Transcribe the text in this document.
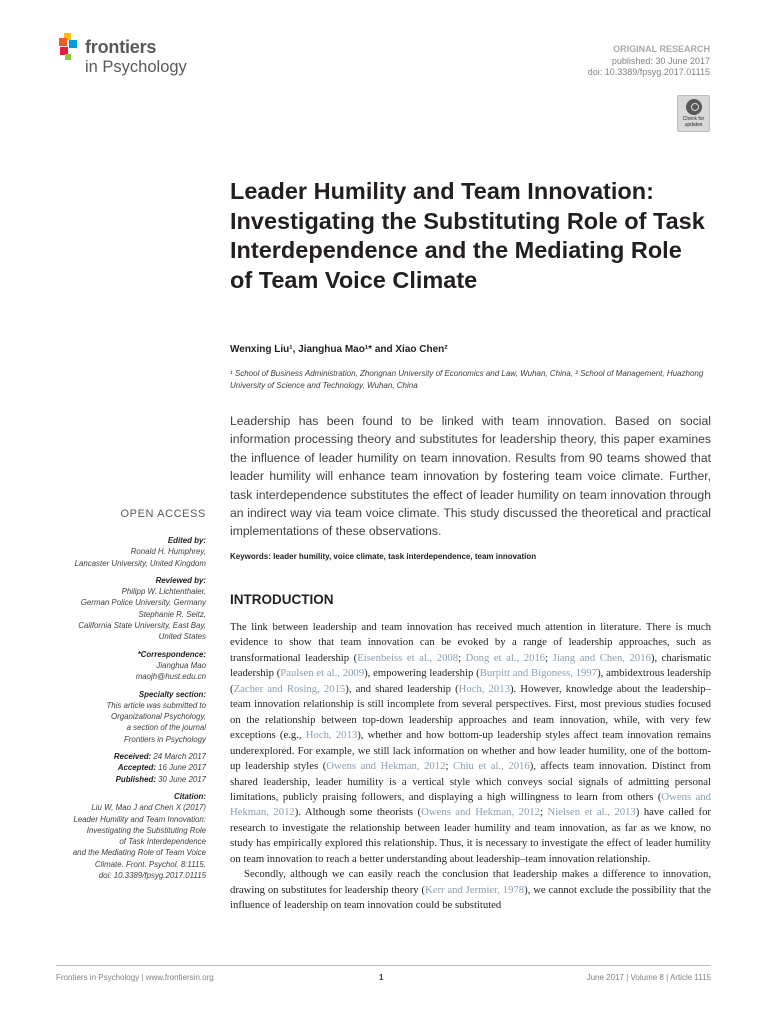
frontiers
in Psychology
ORIGINAL RESEARCH
published: 30 June 2017
doi: 10.3389/fpsyg.2017.01115
Check for
updates
Leader Humility and Team Innovation: Investigating the Substituting Role of Task Interdependence and the Mediating Role of Team Voice Climate
Wenxing Liu¹, Jianghua Mao¹* and Xiao Chen²
¹ School of Business Administration, Zhongnan University of Economics and Law, Wuhan, China, ² School of Management, Huazhong University of Science and Technology, Wuhan, China
Leadership has been found to be linked with team innovation. Based on social information processing theory and substitutes for leadership theory, this paper examines the influence of leader humility on team innovation. Results from 90 teams showed that leader humility will enhance team innovation by fostering team voice climate. Further, task interdependence substitutes the effect of leader humility on team innovation through an indirect way via team voice climate. This study discussed the theoretical and practical implementations of these observations.
Keywords: leader humility, voice climate, task interdependence, team innovation
OPEN ACCESS
Edited by:
Ronald H. Humphrey,
Lancaster University, United Kingdom
Reviewed by:
Philipp W. Lichtenthaler,
German Police University, Germany
Stephanie R. Seitz,
California State University, East Bay,
United States
*Correspondence:
Jianghua Mao
maojh@hust.edu.cn
Specialty section:
This article was submitted to
Organizational Psychology,
a section of the journal
Frontiers in Psychology
Received: 24 March 2017
Accepted: 16 June 2017
Published: 30 June 2017
Citation:
Liu W, Mao J and Chen X (2017)
Leader Humility and Team Innovation:
Investigating the Substituting Role
of Task Interdependence
and the Mediating Role of Team Voice
Climate. Front. Psychol. 8:1115.
doi: 10.3389/fpsyg.2017.01115
INTRODUCTION

The link between leadership and team innovation has received much attention in literature. There is much evidence to show that team innovation can be evoked by a range of leadership approaches, such as transformational leadership (Eisenbeiss et al., 2008; Dong et al., 2016; Jiang and Chen, 2016), charismatic leadership (Paulsen et al., 2009), empowering leadership (Burpitt and Bigoness, 1997), ambidextrous leadership (Zacher and Rosing, 2015), and shared leadership (Hoch, 2013). However, knowledge about the leadership–team innovation relationship is still incomplete from several perspectives. First, most previous studies focused on the relationship between top-down leadership approaches and team innovation, while, with very few exceptions (e.g., Hoch, 2013), whether and how bottom-up leadership styles affect team innovation remains underexplored. For example, we still lack information on whether and how leader humility, one of the bottom-up leadership styles (Owens and Hekman, 2012; Chiu et al., 2016), affects team innovation. Distinct from shared leadership, leader humility is a vertical style which conveys social signals of admitting personal limitations, publicly praising followers, and displaying a high willingness to learn from others (Owens and Hekman, 2012). Although some theorists (Owens and Hekman, 2012; Nielsen et al., 2013) have called for research to investigate the relationship between leader humility and team innovation, as far as we know, no study has empirically explored this relationship. Thus, it is necessary to investigate the effect of leader humility on team innovation to reach a better understanding about leadership–team innovation relationship.

Secondly, although we can easily reach the conclusion that leadership makes a difference to innovation, drawing on substitutes for leadership theory (Kerr and Jermier, 1978), we cannot exclude the possibility that the influence of leadership on team innovation could be substituted

Frontiers in Psychology | www.frontiersin.org	1	June 2017 | Volume 8 | Article 1115
